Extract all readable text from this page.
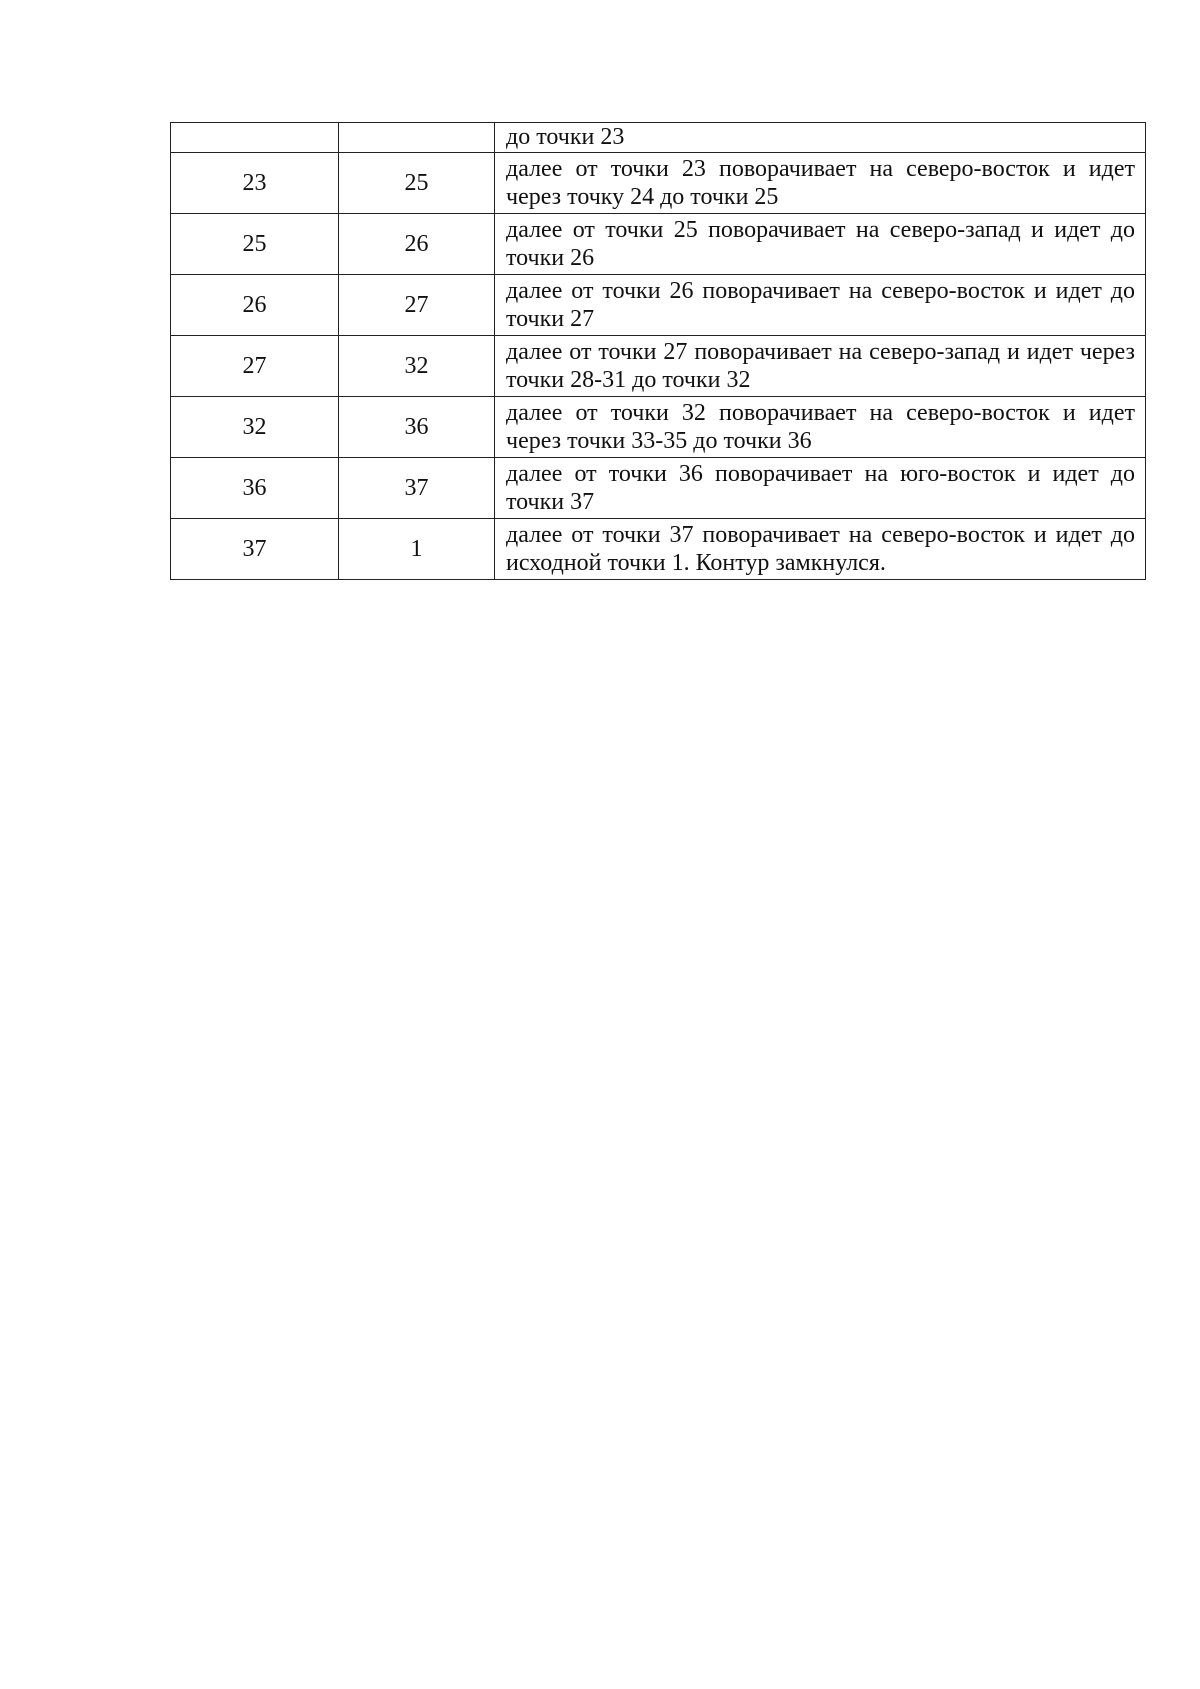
		до точки 23
23	25	далее от точки 23 поворачивает на северо-восток и идет через точку 24 до точки 25
25	26	далее от точки 25 поворачивает на северо-запад и идет до точки 26
26	27	далее от точки 26 поворачивает на северо-восток и идет до точки 27
27	32	далее от точки 27 поворачивает на северо-запад и идет через точки 28-31 до точки 32
32	36	далее от точки 32 поворачивает на северо-восток и идет через точки 33-35 до точки 36
36	37	далее от точки 36 поворачивает на юго-восток и идет до точки 37
37	1	далее от точки 37 поворачивает на северо-восток и идет до исходной точки 1. Контур замкнулся.
